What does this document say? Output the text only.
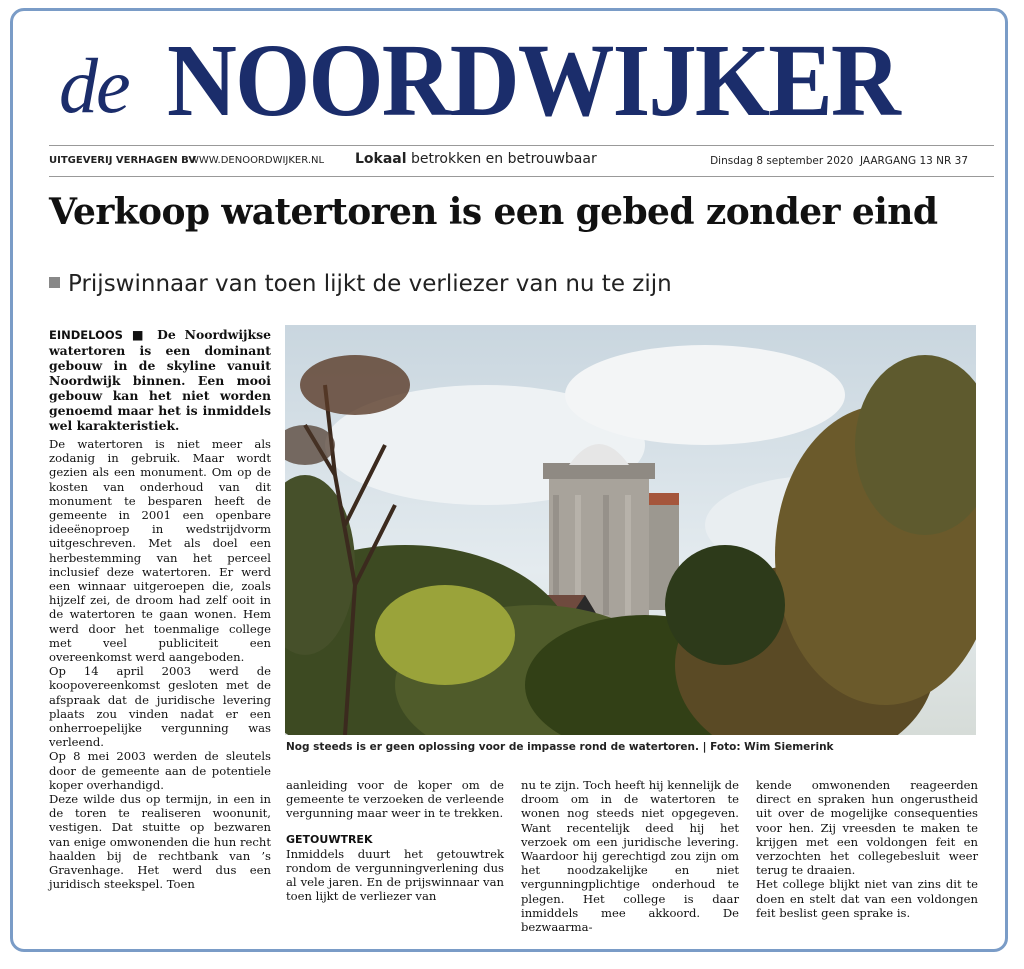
de NOORDWIJKER
UITGEVERIJ VERHAGEN BV
WWW.DENOORDWIJKER.NL Lokaal betrokken en betrouwbaar	Dinsdag 8 september 2020 JAARGANG 13 NR 37
Verkoop watertoren is een gebed zonder eind
Prijswinnaar van toen lijkt de verliezer van nu te zijn
Nog steeds is er geen oplossing voor de impasse rond de watertoren. | Foto: Wim Siemerink

EINDELOOS ■ De Noordwijkse watertoren is een dominant gebouw in de skyline vanuit Noordwijk binnen. Een mooi gebouw kan het niet worden genoemd maar het is inmiddels wel karakteristiek.

De watertoren is niet meer als zodanig in gebruik. Maar wordt gezien als een monument. Om op de kosten van onderhoud van dit monument te besparen heeft de gemeente in 2001 een openbare ideeënoproep in wedstrijdvorm uitgeschreven. Met als doel een herbestemming van het perceel inclusief deze watertoren. Er werd een winnaar uitgeroepen die, zoals hijzelf zei, de droom had zelf ooit in de watertoren te gaan wonen. Hem werd door het toenmalige college met veel publiciteit een overeenkomst werd aangeboden.

Op 14 april 2003 werd de koopovereenkomst gesloten met de afspraak dat de juridische levering plaats zou vinden nadat er een onherroepelijke vergunning was verleend.

Op 8 mei 2003 werden de sleutels door de gemeente aan de potentiele koper overhandigd.

Deze wilde dus op termijn, in een in de toren te realiseren woonunit, vestigen. Dat stuitte op bezwaren van enige omwonenden die hun recht haalden bij de rechtbank van ’s Gravenhage. Het werd dus een juridisch steekspel. Toen

aanleiding voor de koper om de gemeente te verzoeken de verleende vergunning maar weer in te trekken.

GETOUWTREK

Inmiddels duurt het getouwtrek rondom de vergunningverlening dus al vele jaren. En de prijswinnaar van toen lijkt de verliezer van

nu te zijn. Toch heeft hij kennelijk de droom om in de watertoren te wonen nog steeds niet opgegeven. Want recentelijk deed hij het verzoek om een juridische levering. Waardoor hij gerechtigd zou zijn om het noodzakelijke en niet vergunningplichtige onderhoud te plegen. Het college is daar inmiddels mee akkoord. De bezwaarma-

kende omwonenden reageerden direct en spraken hun ongerustheid uit over de mogelijke consequenties voor hen. Zij vreesden te maken te krijgen met een voldongen feit en verzochten het collegebesluit weer terug te draaien.

Het college blijkt niet van zins dit te doen en stelt dat van een voldongen feit beslist geen sprake is.
